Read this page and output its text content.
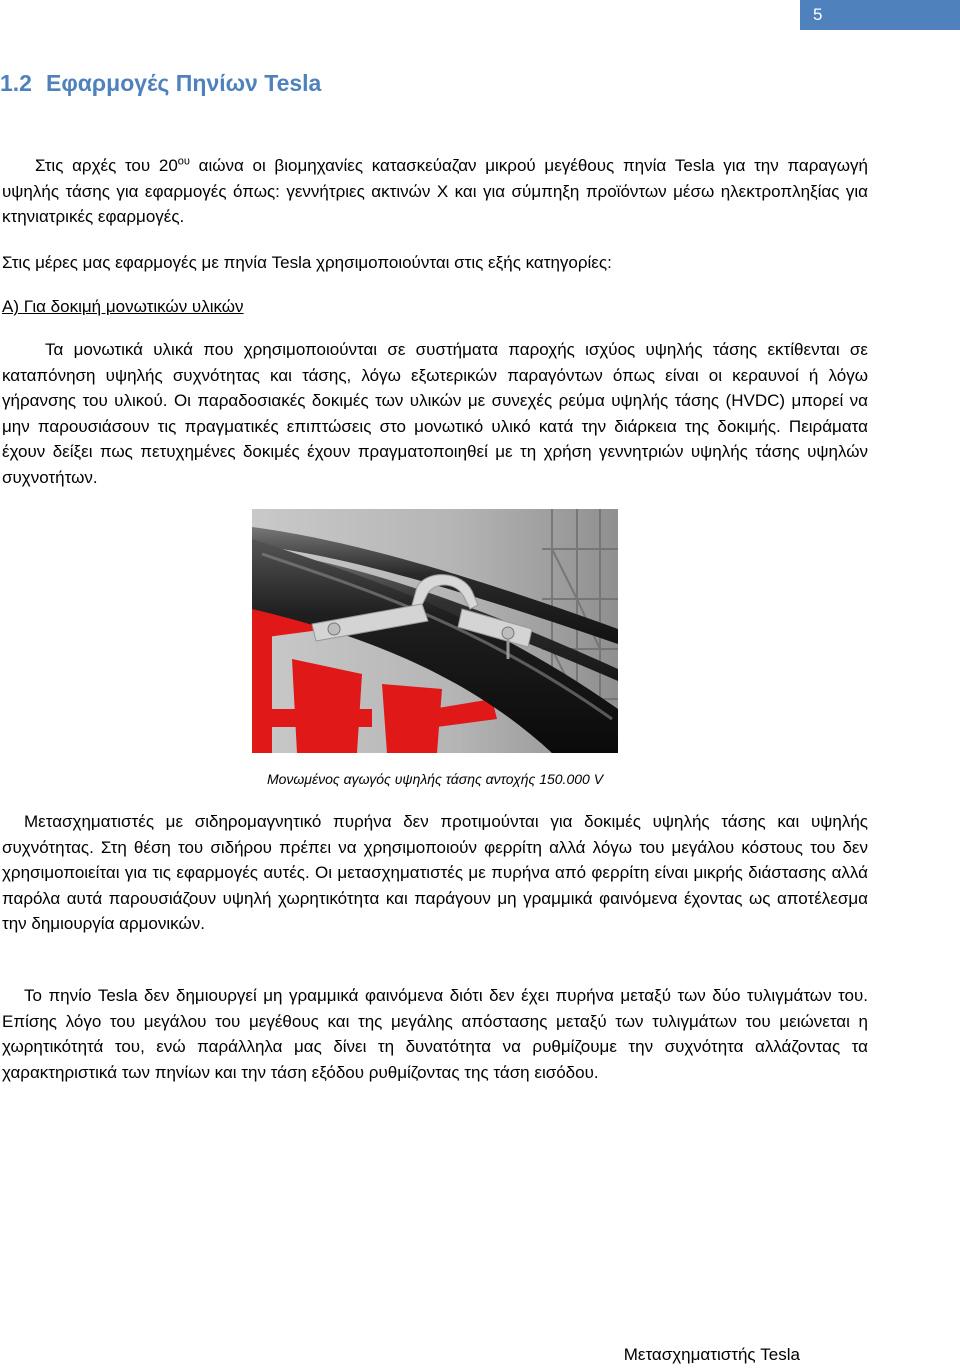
5
1.2 Εφαρμογές Πηνίων Tesla

Στις αρχές του $20^{o\upsilon}$ αιώνα οι βιομηχανίες κατασκεύαζαν μικρού μεγέθους πηνία Tesla για την παραγωγή υψηλής τάσης για εφαρμογές όπως: γεννήτριες ακτινών Χ και για σύμπηξη προϊόντων μέσω ηλεκτροπληξίας για κτηνιατρικές εφαρμογές.

Στις μέρες μας εφαρμογές με πηνία Tesla χρησιμοποιούνται στις εξής κατηγορίες:

Α) Για δοκιμή μονωτικών υλικών

Τα μονωτικά υλικά που χρησιμοποιούνται σε συστήματα παροχής ισχύος υψηλής τάσης εκτίθενται σε καταπόνηση υψηλής συχνότητας και τάσης, λόγω εξωτερικών παραγόντων όπως είναι οι κεραυνοί ή λόγω γήρανσης του υλικού. Οι παραδοσιακές δοκιμές των υλικών με συνεχές ρεύμα υψηλής τάσης (HVDC) μπορεί να μην παρουσιάσουν τις πραγματικές επιπτώσεις στο μονωτικό υλικό κατά την διάρκεια της δοκιμής. Πειράματα έχουν δείξει πως πετυχημένες δοκιμές έχουν πραγματοποιηθεί με τη χρήση γεννητριών υψηλής τάσης υψηλών συχνοτήτων.

Μονωμένος αγωγός υψηλής τάσης αντοχής 150.000 V

Μετασχηματιστές με σιδηρομαγνητικό πυρήνα δεν προτιμούνται για δοκιμές υψηλής τάσης και υψηλής συχνότητας. Στη θέση του σιδήρου πρέπει να χρησιμοποιούν φερρίτη αλλά λόγω του μεγάλου κόστους του δεν χρησιμοποιείται για τις εφαρμογές αυτές. Οι μετασχηματιστές με πυρήνα από φερρίτη είναι μικρής διάστασης αλλά παρόλα αυτά παρουσιάζουν υψηλή χωρητικότητα και παράγουν μη γραμμικά φαινόμενα έχοντας ως αποτέλεσμα την δημιουργία αρμονικών.

Το πηνίο Tesla δεν δημιουργεί μη γραμμικά φαινόμενα διότι δεν έχει πυρήνα μεταξύ των δύο τυλιγμάτων του. Επίσης λόγο του μεγάλου του μεγέθους και της μεγάλης απόστασης μεταξύ των τυλιγμάτων του μειώνεται η χωρητικότητά του, ενώ παράλληλα μας δίνει τη δυνατότητα να ρυθμίζουμε την συχνότητα αλλάζοντας τα χαρακτηριστικά των πηνίων και την τάση εξόδου ρυθμίζοντας της τάση εισόδου.

Μετασχηματιστής Tesla
